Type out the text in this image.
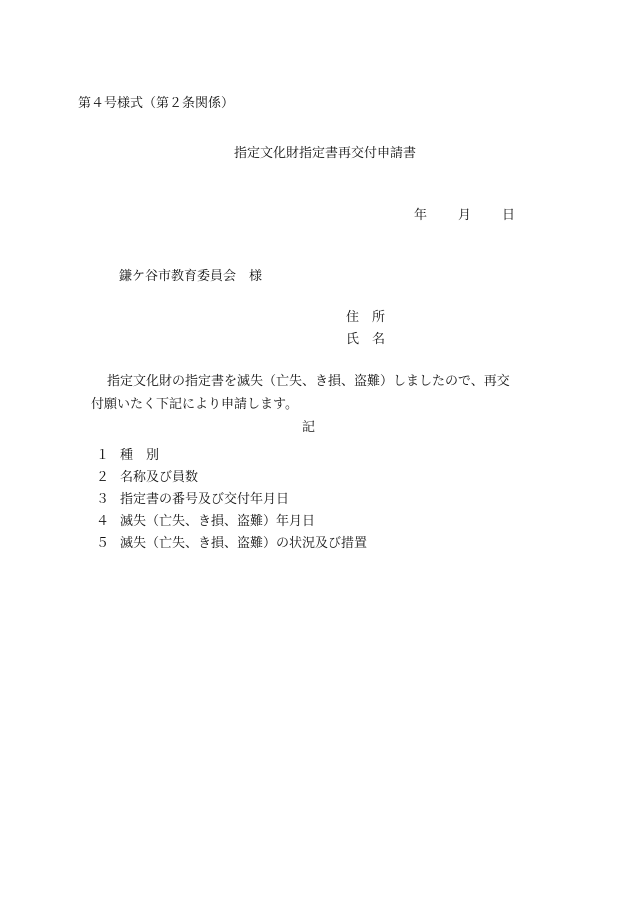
第４号様式（第２条関係）
指定文化財指定書再交付申請書
年 月 日
鎌ケ谷市教育委員会　様
住　所
氏　名
指定文化財の指定書を滅失（亡失、き損、盗難）しましたので、再交
付願いたく下記により申請します。
記
１ 種　別
２ 名称及び員数
３ 指定書の番号及び交付年月日
４ 滅失（亡失、き損、盗難）年月日
５ 滅失（亡失、き損、盗難）の状況及び措置
